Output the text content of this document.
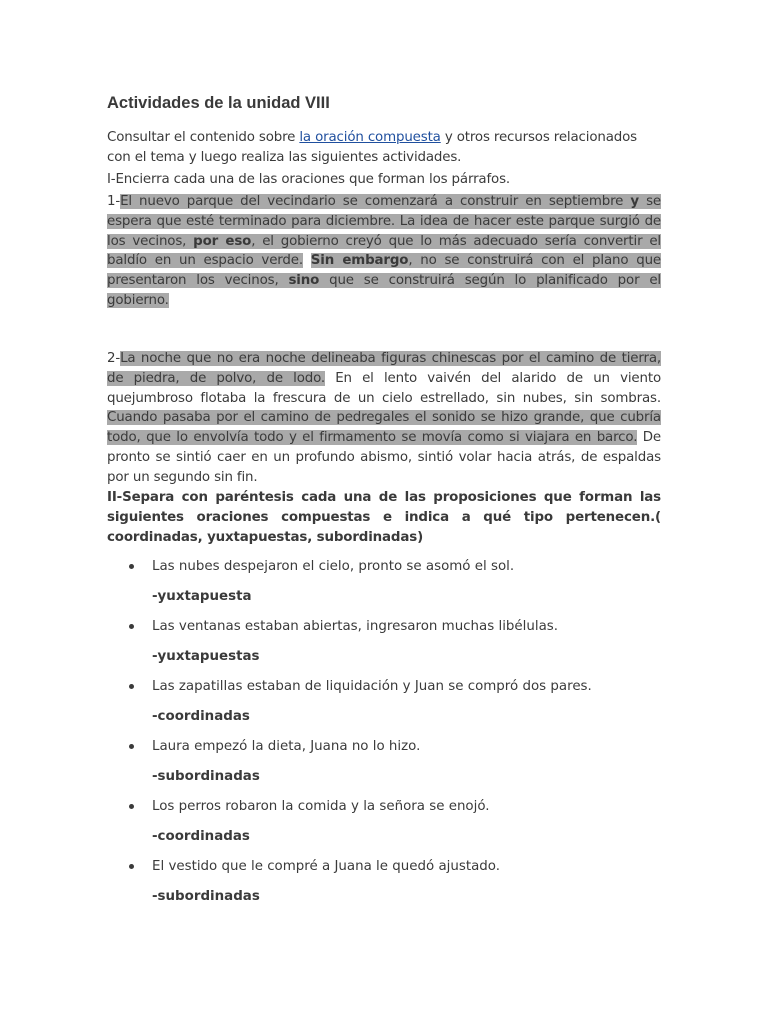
Actividades de la unidad VIII

Consultar el contenido sobre la oración compuesta y otros recursos relacionados con el tema y luego realiza las siguientes actividades.

I-Encierra cada una de las oraciones que forman los párrafos.

1-El nuevo parque del vecindario se comenzará a construir en septiembre y se espera que esté terminado para diciembre. La idea de hacer este parque surgió de los vecinos, por eso, el gobierno creyó que lo más adecuado sería convertir el baldío en un espacio verde. Sin embargo, no se construirá con el plano que presentaron los vecinos, sino que se construirá según lo planificado por el gobierno.

2-La noche que no era noche delineaba figuras chinescas por el camino de tierra, de piedra, de polvo, de lodo. En el lento vaivén del alarido de un viento quejumbroso flotaba la frescura de un cielo estrellado, sin nubes, sin sombras. Cuando pasaba por el camino de pedregales el sonido se hizo grande, que cubría todo, que lo envolvía todo y el firmamento se movía como si viajara en barco. De pronto se sintió caer en un profundo abismo, sintió volar hacia atrás, de espaldas por un segundo sin fin.

II-Separa con paréntesis cada una de las proposiciones que forman las siguientes oraciones compuestas e indica a qué tipo pertenecen.( coordinadas, yuxtapuestas, subordinadas)

Las nubes despejaron el cielo, pronto se asomó el sol.
-yuxtapuesta
Las ventanas estaban abiertas, ingresaron muchas libélulas.
-yuxtapuestas
Las zapatillas estaban de liquidación y Juan se compró dos pares.
-coordinadas
Laura empezó la dieta, Juana no lo hizo.
-subordinadas
Los perros robaron la comida y la señora se enojó.
-coordinadas
El vestido que le compré a Juana le quedó ajustado.
-subordinadas
